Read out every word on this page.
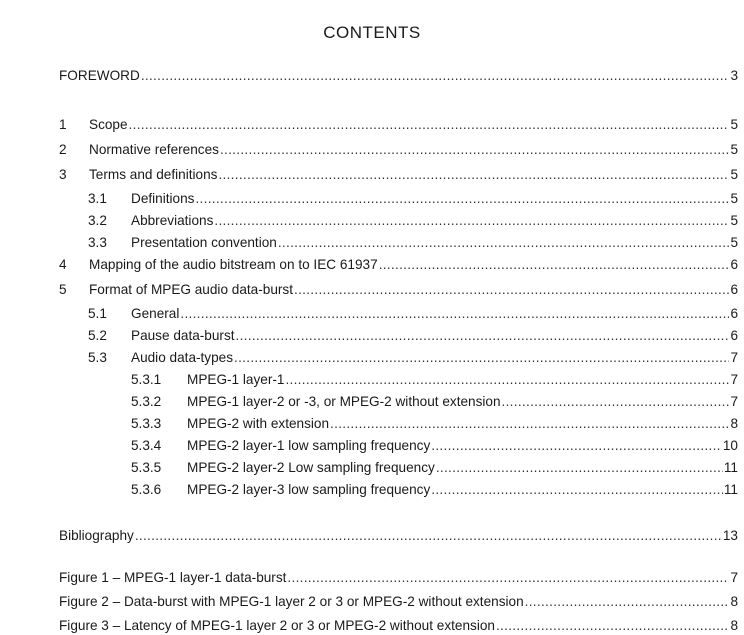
CONTENTS
FOREWORD .....	3
1	Scope .....	5
2	Normative references .....	5
3	Terms and definitions .....	5
3.1	Definitions .....	5
3.2	Abbreviations .....	5
3.3	Presentation convention .....	5
4	Mapping of the audio bitstream on to IEC 61937 .....	6
5	Format of MPEG audio data-burst .....	6
5.1	General .....	6
5.2	Pause data-burst .....	6
5.3	Audio data-types .....	7
5.3.1	MPEG-1 layer-1 .....	7
5.3.2	MPEG-1 layer-2 or -3, or MPEG-2 without extension .....	7
5.3.3	MPEG-2 with extension .....	8
5.3.4	MPEG-2 layer-1 low sampling frequency .....	10
5.3.5	MPEG-2 layer-2 Low sampling frequency .....	11
5.3.6	MPEG-2 layer-3 low sampling frequency .....	11
Bibliography .....	13
Figure 1 – MPEG-1 layer-1 data-burst .....	7
Figure 2 – Data-burst with MPEG-1 layer 2 or 3 or MPEG-2 without extension .....	8
Figure 3 – Latency of MPEG-1 layer 2 or 3 or MPEG-2 without extension .....	8
